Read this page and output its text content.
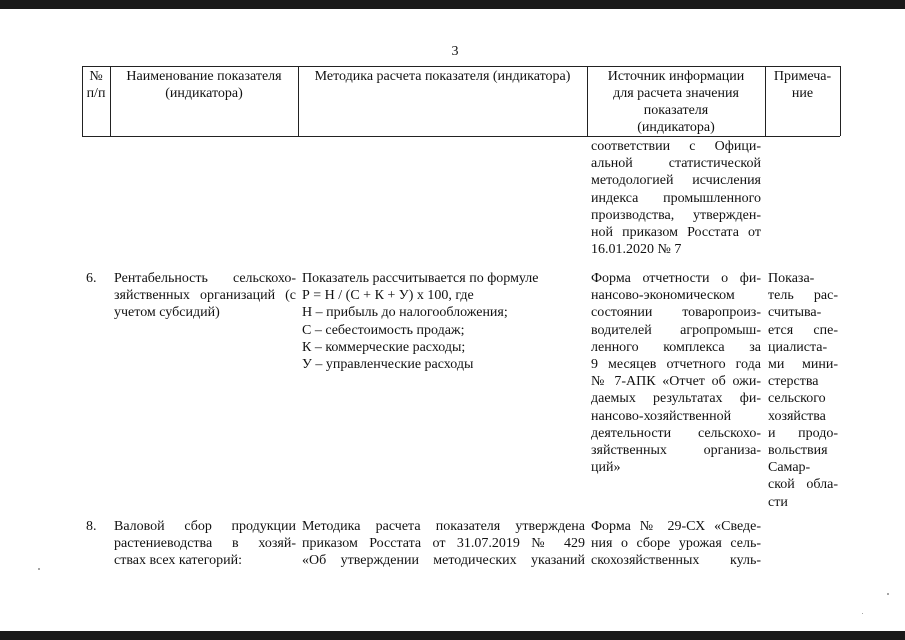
3
№
п/п
Наименование показателя
(индикатора)
Методика расчета показателя (индикатора)	Источник информации
для расчета значения
показателя
(индикатора)
Примеча-
ние
соответствии с Офици-
альной статистической
методологией исчисления
индекса промышленного
производства, утвержден-
ной приказом Росстата от
16.01.2020 № 7
6. Рентабельность сельскохо-
зяйственных организаций (с
учетом субсидий)
Показатель рассчитывается по формуле
Р = Н / (С + К + У) х 100, где
Н – прибыль до налогообложения;
С – себестоимость продаж;
К – коммерческие расходы;
У – управленческие расходы
Форма отчетности о фи-
нансово-экономическом
состоянии товаропроиз-
водителей агропромыш-
ленного комплекса за
9 месяцев отчетного года
№ 7-АПК «Отчет об ожи-
даемых результатах фи-
нансово-хозяйственной
деятельности сельскохо-
зяйственных организа-
ций»
Показа-
тель рас-
считыва-
ется спе-
циалиста-
ми мини-
стерства
сельского
хозяйства
и продо-
вольствия
Самар-
ской обла-
сти
8. Валовой сбор продукции
растениеводства в хозяй-
ствах всех категорий:
Методика расчета показателя утверждена
приказом Росстата от 31.07.2019 № 429
«Об утверждении методических указаний
Форма № 29-СХ «Сведе-
ния о сборе урожая сель-
скохозяйственных куль-
